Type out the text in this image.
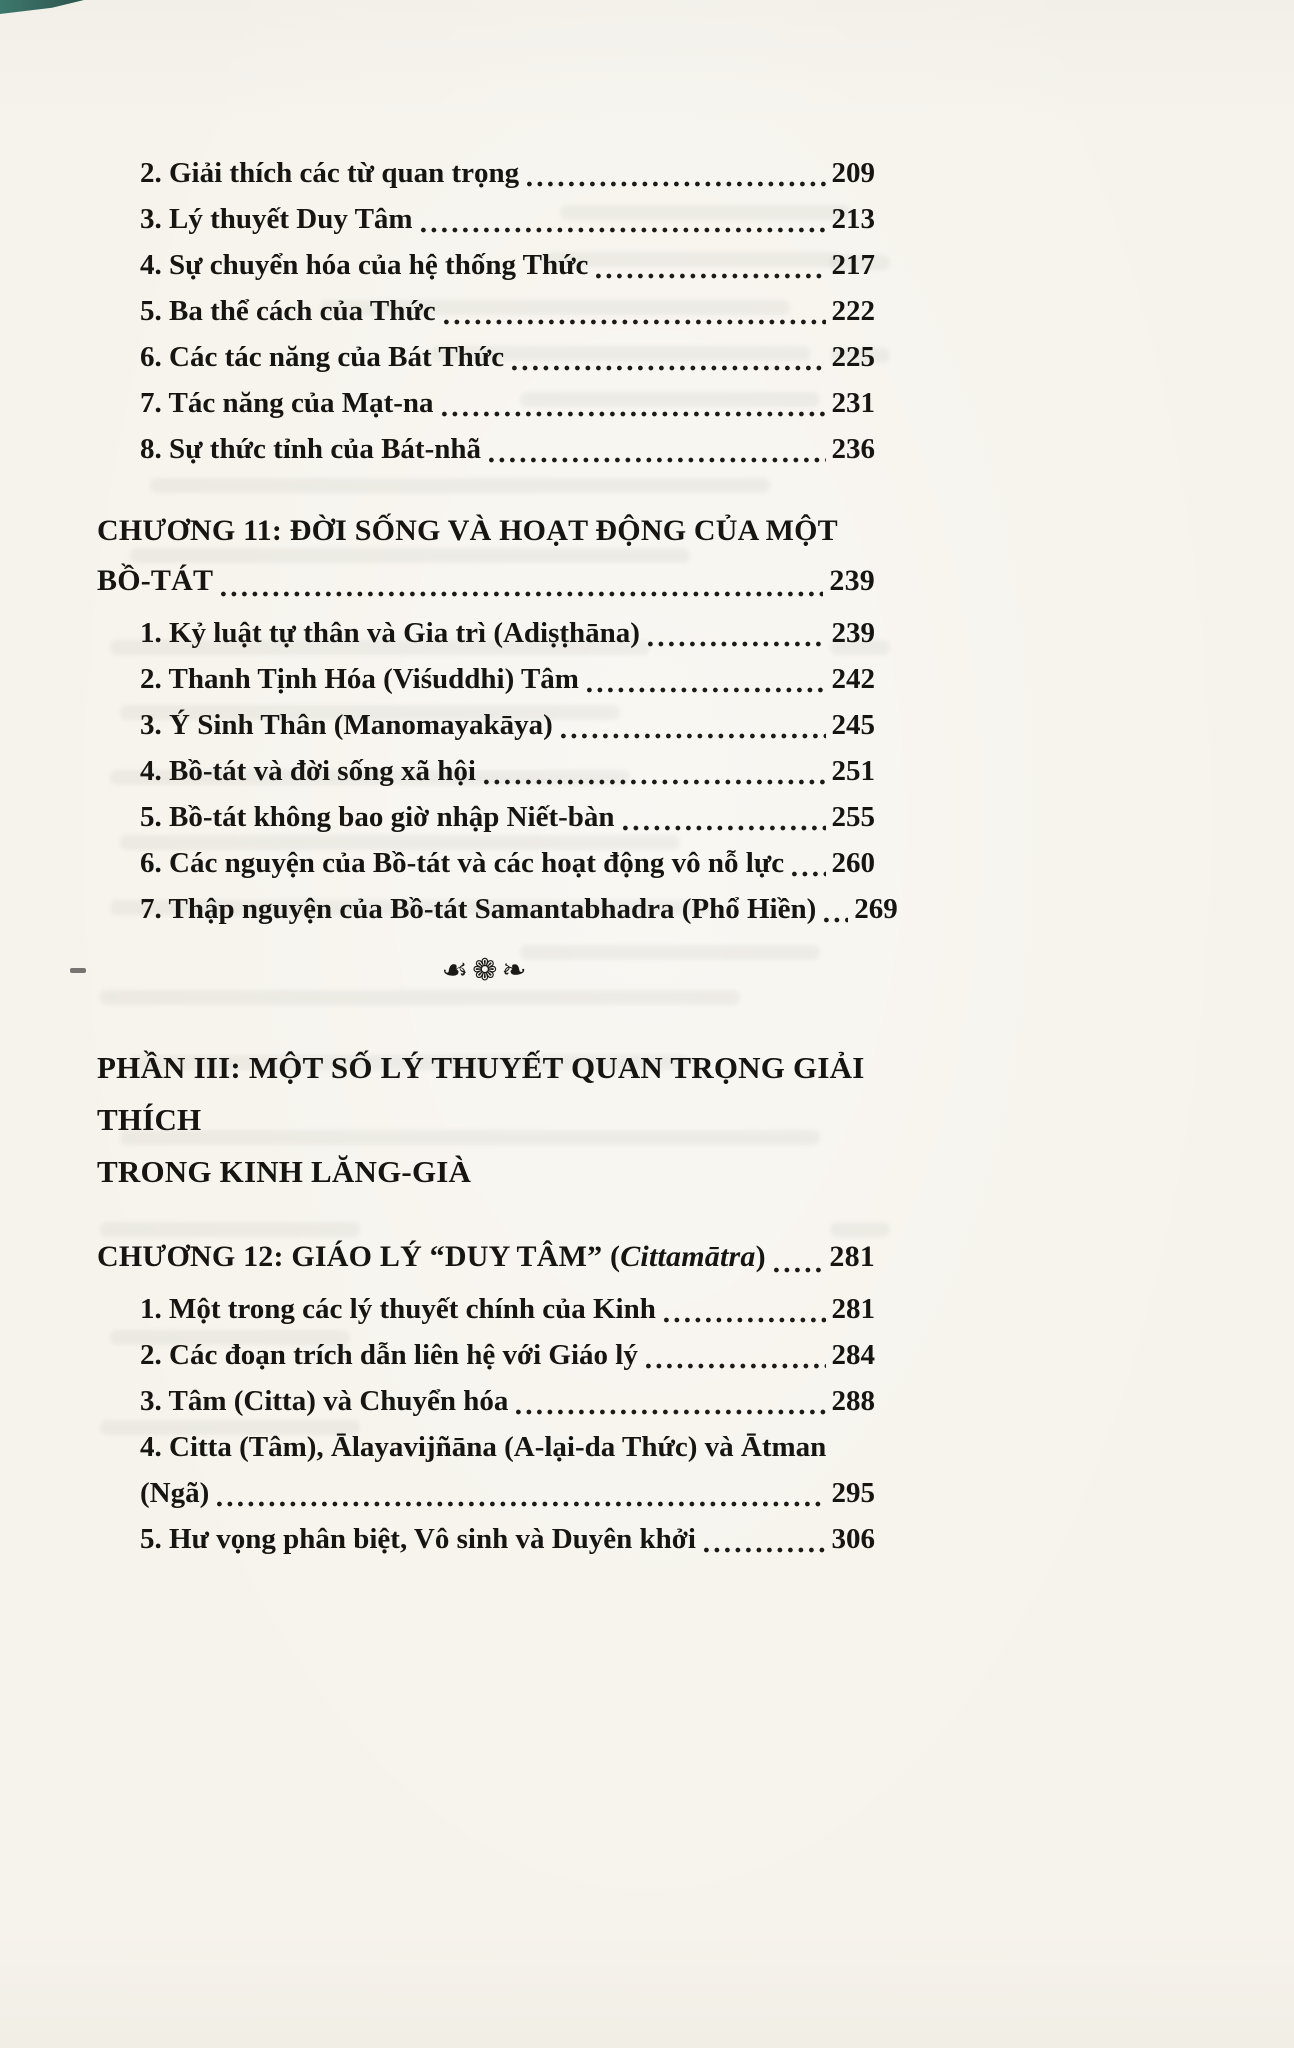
2. Giải thích các từ quan trọng	209
3. Lý thuyết Duy Tâm	213
4. Sự chuyển hóa của hệ thống Thức	217
5. Ba thể cách của Thức	222
6. Các tác năng của Bát Thức	225
7. Tác năng của Mạt-na	231
8. Sự thức tỉnh của Bát-nhã	236
CHƯƠNG 11: ĐỜI SỐNG VÀ HOẠT ĐỘNG CỦA MỘT
BỒ-TÁT	239
1. Kỷ luật tự thân và Gia trì (Adiṣṭhāna)	239
2. Thanh Tịnh Hóa (Viśuddhi) Tâm	242
3. Ý Sinh Thân (Manomayakāya)	245
4. Bồ-tát và đời sống xã hội	251
5. Bồ-tát không bao giờ nhập Niết-bàn	255
6. Các nguyện của Bồ-tát và các hoạt động vô nỗ lực 260
7. Thập nguyện của Bồ-tát Samantabhadra (Phổ Hiền) 269
☙❁❧
PHẦN III: MỘT SỐ LÝ THUYẾT QUAN TRỌNG GIẢI THÍCH
TRONG KINH LĂNG-GIÀ
CHƯƠNG 12: GIÁO LÝ “DUY TÂM” (Cittamātra) 281
1. Một trong các lý thuyết chính của Kinh	281
2. Các đoạn trích dẫn liên hệ với Giáo lý	284
3. Tâm (Citta) và Chuyển hóa	288
4. Citta (Tâm), Ālayavijñāna (A-lại-da Thức) và Ātman
(Ngã)	295
5. Hư vọng phân biệt, Vô sinh và Duyên khởi	306
